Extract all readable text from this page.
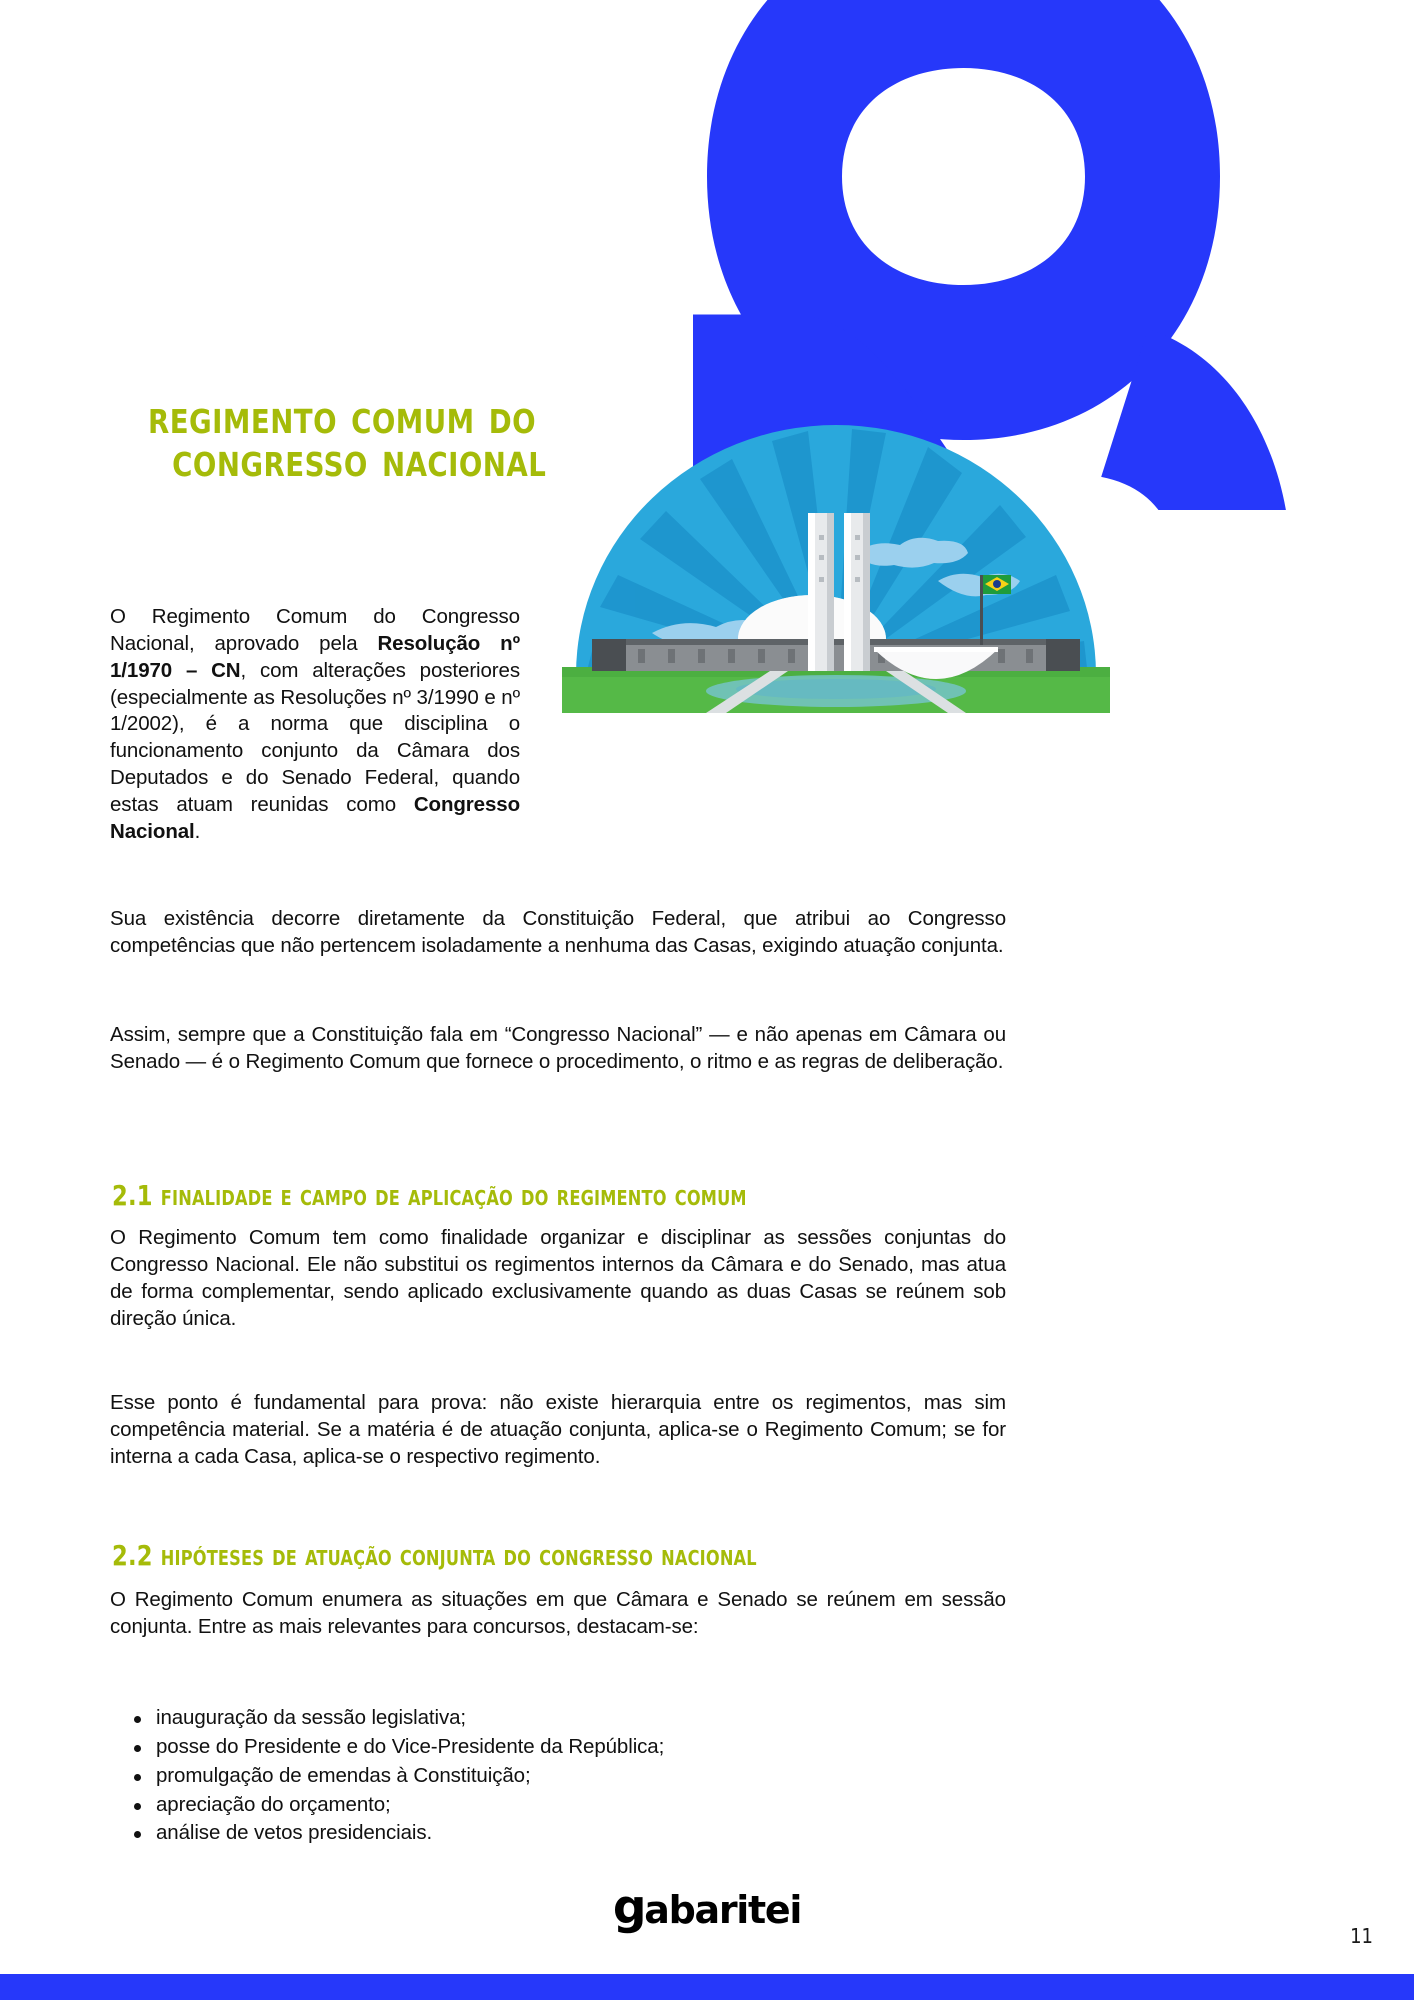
regimento comum do

congresso nacional

O Regimento Comum do Congresso Nacional, aprovado pela Resolução nº 1/1970 – CN, com alterações posteriores (especialmente as Resoluções nº 3/1990 e nº 1/2002), é a norma que disciplina o funcionamento conjunto da Câmara dos Deputados e do Senado Federal, quando estas atuam reunidas como Congresso Nacional.

Sua existência decorre diretamente da Constituição Federal, que atribui ao Congresso competências que não pertencem isoladamente a nenhuma das Casas, exigindo atuação conjunta.

Assim, sempre que a Constituição fala em “Congresso Nacional” — e não apenas em Câmara ou Senado — é o Regimento Comum que fornece o procedimento, o ritmo e as regras de deliberação.

2.1 finalidade e campo de aplicação do regimento comum

O Regimento Comum tem como finalidade organizar e disciplinar as sessões conjuntas do Congresso Nacional. Ele não substitui os regimentos internos da Câmara e do Senado, mas atua de forma complementar, sendo aplicado exclusivamente quando as duas Casas se reúnem sob direção única.

Esse ponto é fundamental para prova: não existe hierarquia entre os regimentos, mas sim competência material. Se a matéria é de atuação conjunta, aplica-se o Regimento Comum; se for interna a cada Casa, aplica-se o respectivo regimento.

2.2 hipóteses de atuação conjunta do congresso nacional

O Regimento Comum enumera as situações em que Câmara e Senado se reúnem em sessão conjunta. Entre as mais relevantes para concursos, destacam-se:

inauguração da sessão legislativa;
posse do Presidente e do Vice-Presidente da República;
promulgação de emendas à Constituição;
apreciação do orçamento;
análise de vetos presidenciais.
g abaritei
11
